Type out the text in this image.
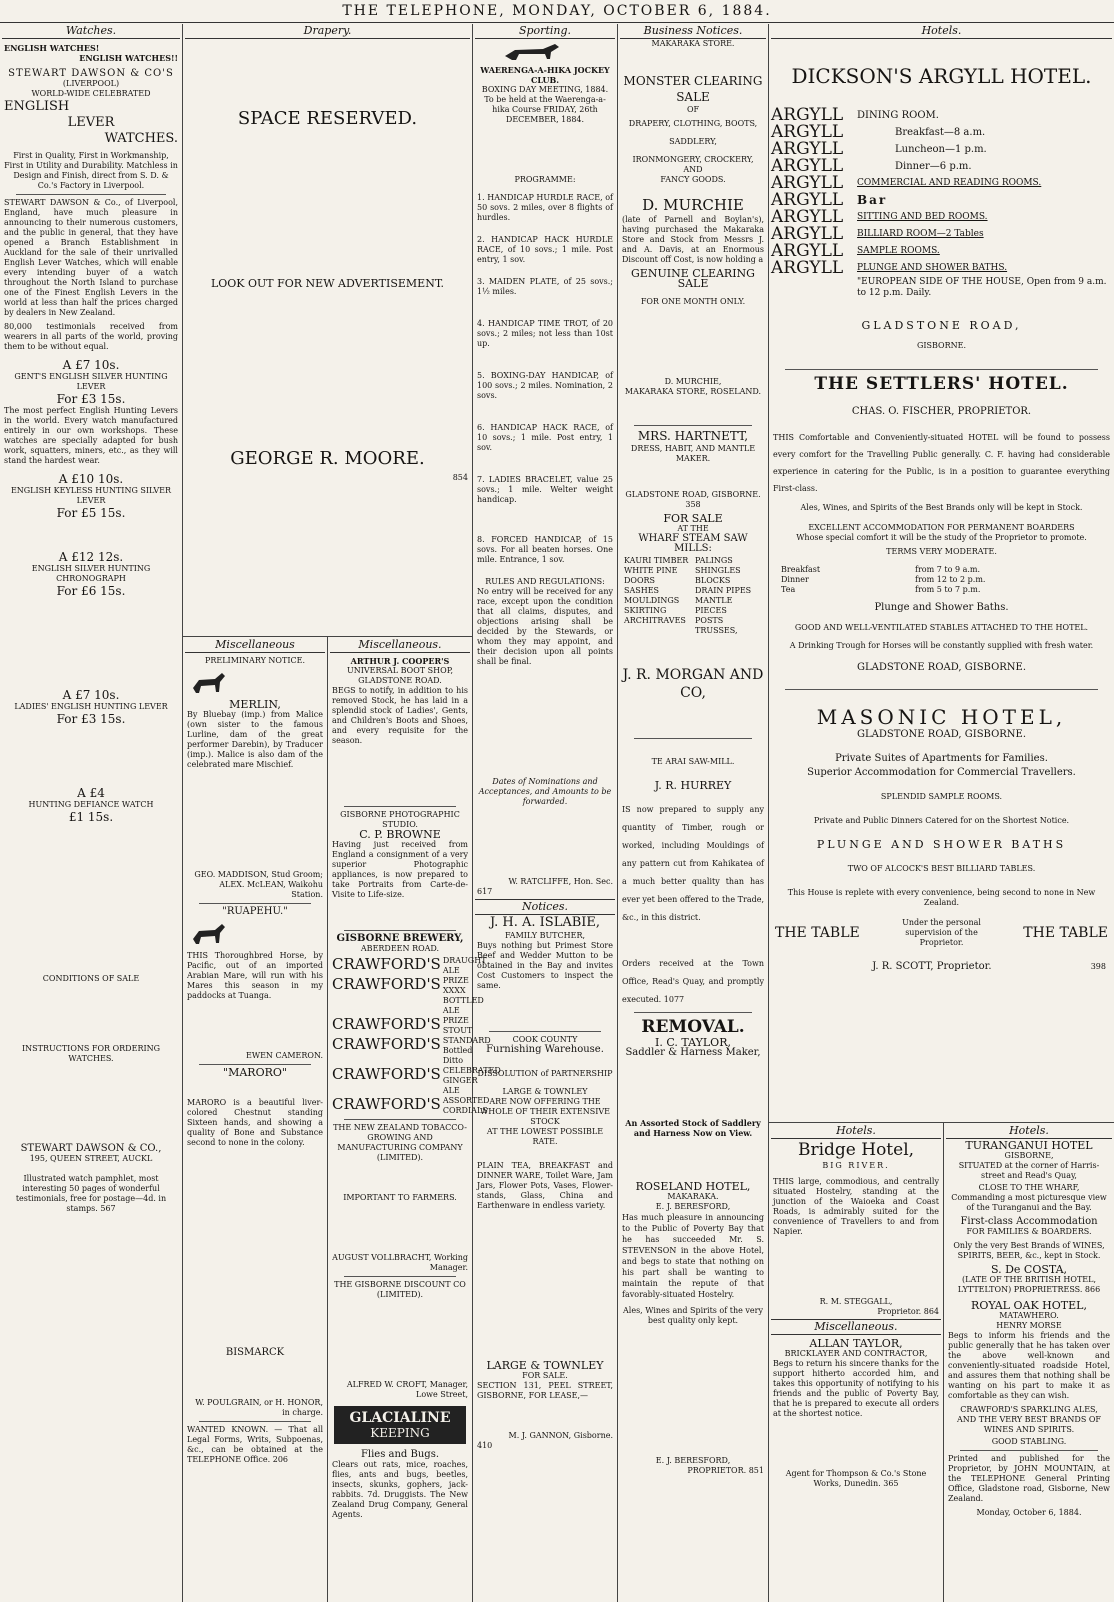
THE TELEPHONE, MONDAY, OCTOBER 6, 1884.
Watches.
ENGLISH WATCHES!
ENGLISH WATCHES!!
STEWART DAWSON & CO'S
(LIVERPOOL)
WORLD-WIDE CELEBRATED
ENGLISH
LEVER
WATCHES.
First in Quality, First in Workmanship, First in Utility and Durability. Matchless in Design and Finish, direct from S. D. & Co.'s Factory in Liverpool.
STEWART DAWSON & Co., of Liverpool, England, have much pleasure in announcing to their numerous customers, and the public in general, that they have opened a Branch Establishment in Auckland for the sale of their unrivalled English Lever Watches, which will enable every intending buyer of a watch throughout the North Island to purchase one of the Finest English Levers in the world at less than half the prices charged by dealers in New Zealand.
80,000 testimonials received from wearers in all parts of the world, proving them to be without equal.
A £7 10s.
GENT'S ENGLISH SILVER HUNTING LEVER
For £3 15s.
The most perfect English Hunting Levers in the world. Every watch manufactured entirely in our own workshops. These watches are specially adapted for bush work, squatters, miners, etc., as they will stand the hardest wear.
A £10 10s.
ENGLISH KEYLESS HUNTING SILVER LEVER
For £5 15s.
A £12 12s.
ENGLISH SILVER HUNTING CHRONOGRAPH
For £6 15s.
A £7 10s.
LADIES' ENGLISH HUNTING LEVER
For £3 15s.
A £4
HUNTING DEFIANCE WATCH
£1 15s.
CONDITIONS OF SALE
INSTRUCTIONS FOR ORDERING WATCHES.
STEWART DAWSON & CO.,
195, QUEEN STREET, AUCKL
Illustrated watch pamphlet, most interesting 50 pages of wonderful testimonials, free for postage—4d. in stamps. 567
Drapery.
SPACE RESERVED.
LOOK OUT FOR NEW ADVERTISEMENT.
GEORGE R. MOORE.
854
Miscellaneous
PRELIMINARY NOTICE.
MERLIN,
By Bluebay (imp.) from Malice (own sister to the famous Lurline, dam of the great performer Darebin), by Traducer (imp.). Malice is also dam of the celebrated mare Mischief.
GEO. MADDISON, Stud Groom;
ALEX. McLEAN, Waikohu Station.
"RUAPEHU."
THIS Thoroughbred Horse, by Pacific, out of an imported Arabian Mare, will run with his Mares this season in my paddocks at Tuanga.
EWEN CAMERON.
"MARORO"
MARORO is a beautiful liver-colored Chestnut standing Sixteen hands, and showing a quality of Bone and Substance second to none in the colony.
BISMARCK
W. POULGRAIN, or H. HONOR, in charge.
WANTED KNOWN. — That all Legal Forms, Writs, Subpoenas, &c., can be obtained at the TELEPHONE Office. 206
Miscellaneous.
ARTHUR J. COOPER'S
UNIVERSAL BOOT SHOP,
GLADSTONE ROAD.
BEGS to notify, in addition to his removed Stock, he has laid in a splendid stock of Ladies', Gents, and Children's Boots and Shoes, and every requisite for the season.
GISBORNE PHOTOGRAPHIC STUDIO.
C. P. BROWNE
Having just received from England a consignment of a very superior Photographic appliances, is now prepared to take Portraits from Carte-de-Visite to Life-size.
GISBORNE BREWERY,
ABERDEEN ROAD.
CRAWFORD'S DRAUGHT ALE
CRAWFORD'S PRIZE XXXX BOTTLED ALE
CRAWFORD'S PRIZE STOUT
CRAWFORD'S STANDARD Bottled Ditto
CRAWFORD'S CELEBRATED GINGER ALE
CRAWFORD'S ASSORTED CORDIALS
THE NEW ZEALAND TOBACCO-GROWING AND MANUFACTURING COMPANY (LIMITED).
IMPORTANT TO FARMERS.
AUGUST VOLLBRACHT, Working Manager.
THE GISBORNE DISCOUNT CO (LIMITED).
ALFRED W. CROFT, Manager, Lowe Street,
GLACIALINE
KEEPING
Flies and Bugs.
Clears out rats, mice, roaches, flies, ants and bugs, beetles, insects, skunks, gophers, jack-rabbits. 7d. Druggists. The New Zealand Drug Company, General Agents.
Sporting.
WAERENGA-A-HIKA JOCKEY CLUB.
BOXING DAY MEETING, 1884.
To be held at the Waerenga-a-hika Course FRIDAY, 26th DECEMBER, 1884.
PROGRAMME:
1. HANDICAP HURDLE RACE, of 50 sovs. 2 miles, over 8 flights of hurdles.
2. HANDICAP HACK HURDLE RACE, of 10 sovs.; 1 mile. Post entry, 1 sov.
3. MAIDEN PLATE, of 25 sovs.; 1½ miles.
4. HANDICAP TIME TROT, of 20 sovs.; 2 miles; not less than 10st up.
5. BOXING-DAY HANDICAP, of 100 sovs.; 2 miles. Nomination, 2 sovs.
6. HANDICAP HACK RACE, of 10 sovs.; 1 mile. Post entry, 1 sov.
7. LADIES BRACELET, value 25 sovs.; 1 mile. Welter weight handicap.
8. FORCED HANDICAP, of 15 sovs. For all beaten horses. One mile. Entrance, 1 sov.
RULES AND REGULATIONS:
No entry will be received for any race, except upon the condition that all claims, disputes, and objections arising shall be decided by the Stewards, or whom they may appoint, and their decision upon all points shall be final.
Dates of Nominations and Acceptances, and Amounts to be forwarded.
W. RATCLIFFE, Hon. Sec.
617
Notices.
J. H. A. ISLABIE,
FAMILY BUTCHER,
Buys nothing but Primest Store Beef and Wedder Mutton to be obtained in the Bay and invites Cost Customers to inspect the same.
COOK COUNTY
Furnishing Warehouse.
DISSOLUTION of PARTNERSHIP
LARGE & TOWNLEY
ARE NOW OFFERING THE WHOLE OF THEIR EXTENSIVE STOCK
AT THE LOWEST POSSIBLE RATE.
PLAIN TEA, BREAKFAST and DINNER WARE, Toilet Ware, Jam Jars, Flower Pots, Vases, Flower-stands, Glass, China and Earthenware in endless variety.
LARGE & TOWNLEY
FOR SALE.
SECTION 131, PEEL STREET, GISBORNE, FOR LEASE,—
M. J. GANNON, Gisborne.
410
Business Notices.
MAKARAKA STORE.
MONSTER CLEARING SALE
OF
DRAPERY, CLOTHING, BOOTS,
SADDLERY,
IRONMONGERY, CROCKERY,
AND
FANCY GOODS.
D. MURCHIE
(late of Parnell and Boylan's), having purchased the Makaraka Store and Stock from Messrs J. and A. Davis, at an Enormous Discount off Cost, is now holding a
GENUINE CLEARING SALE
FOR ONE MONTH ONLY.
D. MURCHIE,
MAKARAKA STORE, ROSELAND.
MRS. HARTNETT,
DRESS, HABIT, AND MANTLE MAKER.
GLADSTONE ROAD, GISBORNE. 358
FOR SALE
AT THE
WHARF STEAM SAW MILLS:
KAURI TIMBER
WHITE PINE
DOORS
SASHES
MOULDINGS
SKIRTING
ARCHITRAVES
PALINGS
SHINGLES
BLOCKS
DRAIN PIPES
MANTLE PIECES
POSTS
TRUSSES,
J. R. MORGAN AND CO,
TE ARAI SAW-MILL.
J. R. HURREY
IS now prepared to supply any quantity of Timber, rough or worked, including Mouldings of any pattern cut from Kahikatea of a much better quality than has ever yet been offered to the Trade, &c., in this district.
Orders received at the Town Office, Read's Quay, and promptly executed. 1077
REMOVAL.
I. C. TAYLOR,
Saddler & Harness Maker,
An Assorted Stock of Saddlery and Harness Now on View.
ROSELAND HOTEL,
MAKARAKA.
E. J. BERESFORD,
Has much pleasure in announcing to the Public of Poverty Bay that he has succeeded Mr. S. STEVENSON in the above Hotel, and begs to state that nothing on his part shall be wanting to maintain the repute of that favorably-situated Hostelry.
Ales, Wines and Spirits of the very best quality only kept.
E. J. BERESFORD,
PROPRIETOR. 851
Hotels.
DICKSON'S ARGYLL HOTEL.
ARGYLL
ARGYLL
ARGYLL
ARGYLL
ARGYLL
ARGYLL
ARGYLL
ARGYLL
ARGYLL
ARGYLL
DINING ROOM.
Breakfast—8 a.m.
Luncheon—1 p.m.
Dinner—6 p.m.
COMMERCIAL AND READING ROOMS.
Bar
SITTING AND BED ROOMS.
BILLIARD ROOM—2 Tables
SAMPLE ROOMS.
PLUNGE AND SHOWER BATHS.
"EUROPEAN SIDE OF THE HOUSE, Open from 9 a.m. to 12 p.m. Daily.
GLADSTONE ROAD,
GISBORNE.
THE SETTLERS' HOTEL.
CHAS. O. FISCHER, PROPRIETOR.
THIS Comfortable and Conveniently-situated HOTEL will be found to possess every comfort for the Travelling Public generally. C. F. having had considerable experience in catering for the Public, is in a position to guarantee everything First-class.
Ales, Wines, and Spirits of the Best Brands only will be kept in Stock.
EXCELLENT ACCOMMODATION FOR PERMANENT BOARDERS
Whose special comfort it will be the study of the Proprietor to promote.
TERMS VERY MODERATE.
Breakfast	from 7 to 9 a.m.
Dinner	from 12 to 2 p.m.
Tea	from 5 to 7 p.m.
Plunge and Shower Baths.
GOOD AND WELL-VENTILATED STABLES ATTACHED TO THE HOTEL.
A Drinking Trough for Horses will be constantly supplied with fresh water.
GLADSTONE ROAD, GISBORNE.
MASONIC HOTEL,
GLADSTONE ROAD, GISBORNE.
Private Suites of Apartments for Families.
Superior Accommodation for Commercial Travellers.
SPLENDID SAMPLE ROOMS.
Private and Public Dinners Catered for on the Shortest Notice.
PLUNGE AND SHOWER BATHS
TWO OF ALCOCK'S BEST BILLIARD TABLES.
This House is replete with every convenience, being second to none in New Zealand.
THE TABLE
Under the personal supervision of the Proprietor.
THE TABLE
J. R. SCOTT, Proprietor.	398
Hotels.
Bridge Hotel,
BIG RIVER.
THIS large, commodious, and centrally situated Hostelry, standing at the junction of the Waioeka and Coast Roads, is admirably suited for the convenience of Travellers to and from Napier.
R. M. STEGGALL,
Proprietor. 864
Miscellaneous.
ALLAN TAYLOR,
BRICKLAYER AND CONTRACTOR,
Begs to return his sincere thanks for the support hitherto accorded him, and takes this opportunity of notifying to his friends and the public of Poverty Bay, that he is prepared to execute all orders at the shortest notice.
Agent for Thompson & Co.'s Stone Works, Dunedin. 365
Hotels.
TURANGANUI HOTEL
GISBORNE,
SITUATED at the corner of Harris-street and Read's Quay,
CLOSE TO THE WHARF,
Commanding a most picturesque view of the Turanganui and the Bay.
First-class Accommodation
FOR FAMILIES & BOARDERS.
Only the very Best Brands of WINES, SPIRITS, BEER, &c., kept in Stock.
S. De COSTA,
(LATE OF THE BRITISH HOTEL, LYTTELTON) PROPRIETRESS. 866
ROYAL OAK HOTEL,
MATAWHERO.
HENRY MORSE
Begs to inform his friends and the public generally that he has taken over the above well-known and conveniently-situated roadside Hotel, and assures them that nothing shall be wanting on his part to make it as comfortable as they can wish.
CRAWFORD'S SPARKLING ALES,
AND THE VERY BEST BRANDS OF WINES AND SPIRITS.
GOOD STABLING.
Printed and published for the Proprietor, by JOHN MOUNTAIN, at the TELEPHONE General Printing Office, Gladstone road, Gisborne, New Zealand.
Monday, October 6, 1884.
